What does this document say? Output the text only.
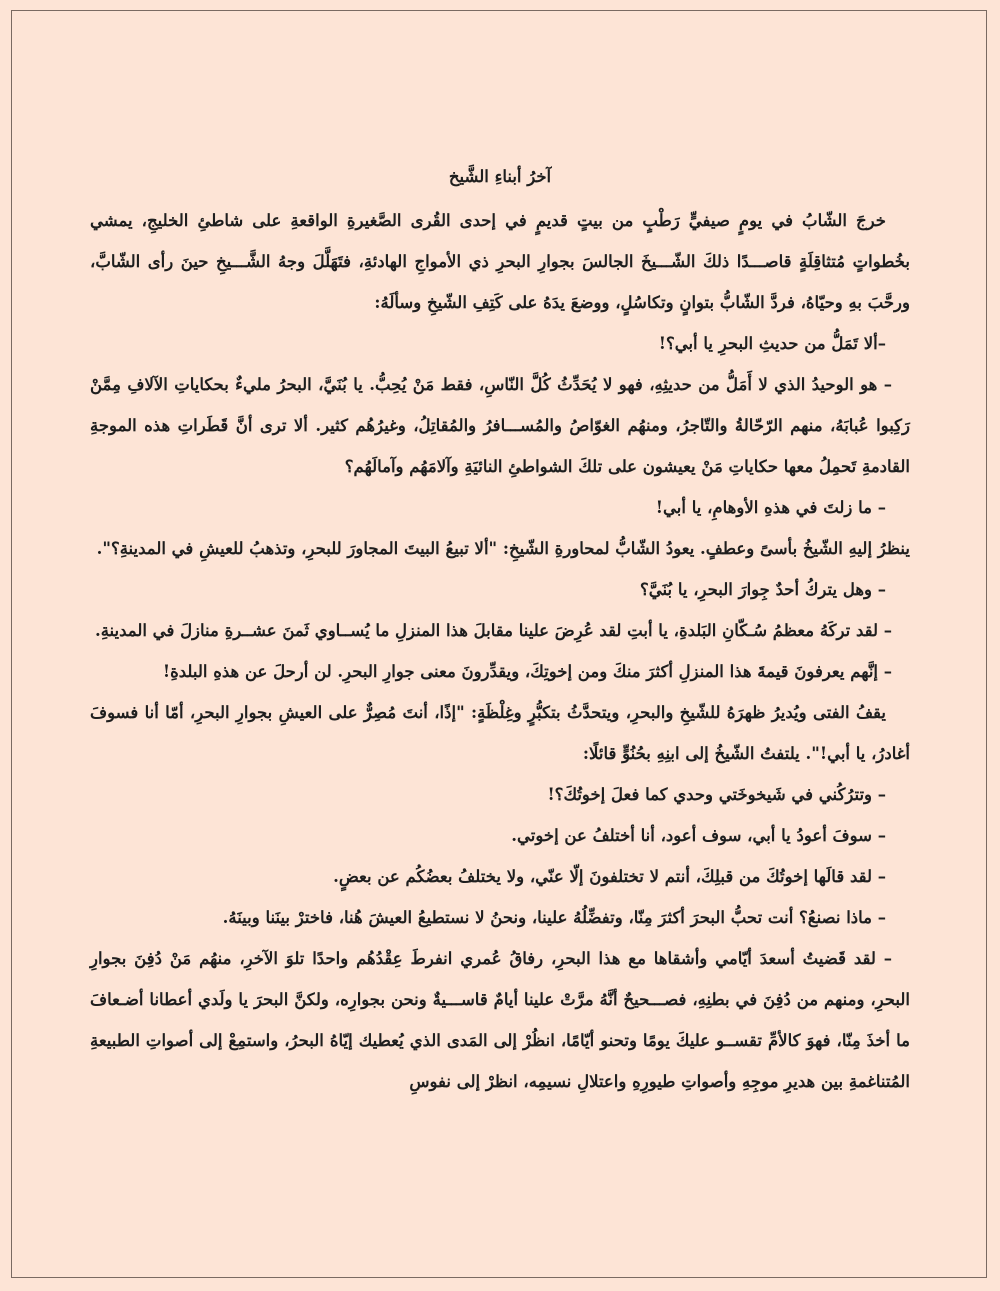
آخرُ أبناءِ الشَّيخ

خرجَ الشّابُ في يومٍ صيفيٍّ رَطْبٍ من بيتٍ قديمٍ في إحدى القُرى الصَّغيرةِ الواقعةِ على شاطئِ الخليجِ، يمشي بخُطواتٍ مُتثاقِلَةٍ قاصـــدًا ذلكَ الشّـــيخَ الجالسَ بجوارِ البحرِ ذي الأمواجِ الهادئةِ، فتَهَلَّلَ وجهُ الشَّـــيخِ حينَ رأى الشّابَّ، ورحَّبَ بهِ وحيّاهُ، فردَّ الشّابُّ بتوانٍ وتكاسُلٍ، ووضعَ يدَهُ على كَتِفِ الشّيخِ وسألَهُ:

–ألا تَمَلُّ من حديثِ البحرِ يا أبي؟!

– هو الوحيدُ الذي لا أَمَلُّ من حديثِهِ، فهو لا يُحَدِّثُ كُلَّ النّاسِ، فقط مَنْ يُحِبُّ. يا بُنَيَّ، البحرُ مليءٌ بحكاياتِ الآلافِ مِمَّنْ رَكِبوا عُبابَهُ، منهم الرّحّالةُ والتّاجرُ، ومنهُم الغوّاصُ والمُســـافرُ والمُقاتِلُ، وغيرُهُم كثير. ألا ترى أنَّ قَطَراتِ هذه الموجةِ القادمةِ تَحمِلُ معها حكاياتِ مَنْ يعيشون على تلكَ الشواطئِ النائيَةِ وآلامَهُم وآمالَهُم؟

– ما زلتَ في هذهِ الأوهامِ، يا أبي!

ينظرُ إليهِ الشّيخُ بأسىً وعطفٍ. يعودُ الشّابُّ لمحاورةِ الشّيخِ: "ألا تبيعُ البيتَ المجاورَ للبحرِ، وتذهبُ للعيشِ في المدينةِ؟".

– وهل يتركُ أحدٌ جِوارَ البحرِ، يا بُنَيَّ؟

– لقد تركَهُ معظمُ سُـكّانِ البَلدةِ، يا أبتِ لقد عُرِضَ علينا مقابلَ هذا المنزلِ ما يُســاوي ثَمنَ عشــرةِ منازلَ في المدينةِ.

– إنَّهم يعرفونَ قيمةَ هذا المنزلِ أكثرَ منكَ ومن إخوتِكَ، ويقدِّرونَ معنى جوارِ البحرِ. لن أرحلَ عن هذهِ البلدةِ!

يقفُ الفتى ويُديرُ ظهرَهُ للشّيخِ والبحرِ، ويتحدَّثُ بتكبُّرٍ وغِلْظَةٍ: "إذًا، أنتَ مُصِرٌّ على العيشِ بجوارِ البحرِ، أمّا أنا فسوفَ أغادرُ، يا أبي!". يلتفتُ الشّيخُ إلى ابنِهِ بحُنُوٍّ قائلًا:

– وتترُكُني في شَيخوخَتي وحدي كما فعلَ إخوتُكَ؟!

– سوفَ أعودُ يا أبي، سوف أعود، أنا أختلفُ عن إخوتي.

– لقد قالَها إخوتُكَ من قبلِكَ، أنتم لا تختلفونَ إلّا عنّي، ولا يختلفُ بعضُكُم عن بعضٍ.

– ماذا نصنعُ؟ أنت تحبُّ البحرَ أكثرَ مِنّا، وتفضِّلُهُ علينا، ونحنُ لا نستطيعُ العيشَ هُنا، فاخترْ بينَنا وبينَهُ.

– لقد قَضيتُ أسعدَ أيّامي وأشقاها مع هذا البحرِ، رفاقُ عُمري انفرطَ عِقْدُهُم واحدًا تلوَ الآخرِ، منهُم مَنْ دُفِنَ بجوارِ البحرِ، ومنهم من دُفِنَ في بطنِهِ، فصـــحيحٌ أنَّهُ مرَّتْ علينا أيامٌ قاســـيةٌ ونحن بجوارِه، ولكنَّ البحرَ يا ولَدي أعطانا أضـعافَ ما أخذَ مِنّا، فهوَ كالأمِّ تقســو عليكَ يومًا وتحنو أيّامًا، انظُرْ إلى المَدى الذي يُعطيك إيّاهُ البحرُ، واستمِعْ إلى أصواتِ الطبيعةِ المُتناغمةِ بين هديرِ موجِهِ وأصواتِ طيورِهِ واعتلالِ نسيمِه، انظرْ إلى نفوسِ
